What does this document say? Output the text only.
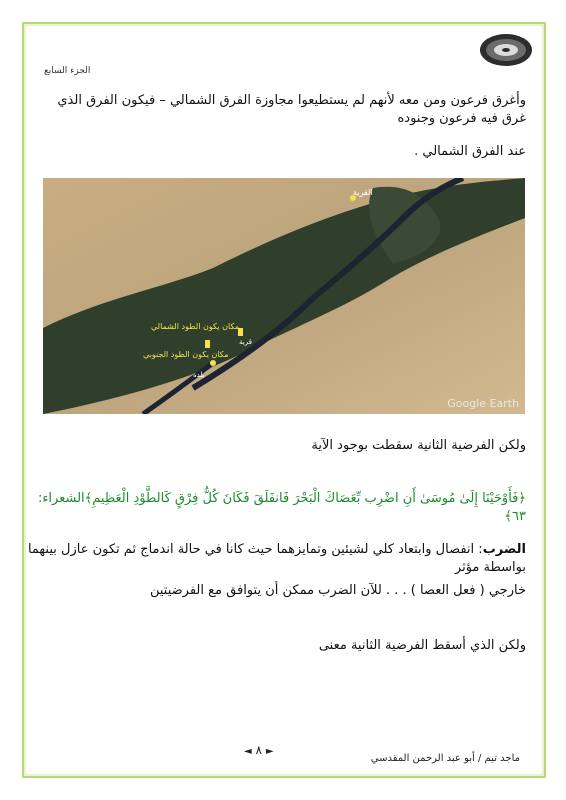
الجزء السابع
وأغرق فرعون ومن معه لأنهم لم يستطيعوا مجاوزة الفرق الشمالي – فيكون الفرق الذي غرق فيه فرعون وجنوده
عند الفرق الشمالي .
القرية
مكان يكون الطود الشمالي
مكان يكون الطود الجنوبي
قرية
بلدة
Google Earth
ولكن الفرضية الثانية سقطت بوجود الآية
﴿فَأَوْحَيْنَا إِلَىٰ مُوسَىٰ أَنِ اضْرِب بِّعَصَاكَ الْبَحْرَ فَانفَلَقَ فَكَانَ كُلُّ فِرْقٍ كَالطَّوْدِ الْعَظِيمِ﴾الشعراء: ٦٣﴾
الضرب: انفصال وابتعاد كلي لشيئين وتمايزهما حيث كانا في حالة اندماج ثم تكون عازل بينهما بواسطة مؤثر
خارجي ( فعل العصا ) . . . للآن الضرب ممكن أن يتوافق مع الفرضيتين
ولكن الذي أسقط الفرضية الثانية معنى
◄ ٨ ►
ماجد تيم / أبو عبد الرحمن المقدسي
